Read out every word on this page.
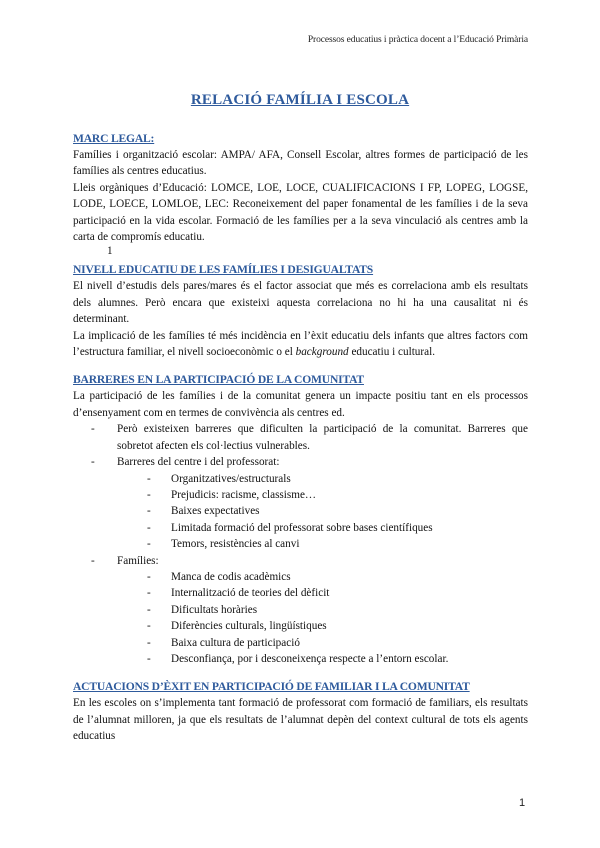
Processos educatius i pràctica docent a l’Educació Primària
RELACIÓ FAMÍLIA I ESCOLA
MARC LEGAL:

Famílies i organització escolar: AMPA/ AFA, Consell Escolar, altres formes de participació de les famílies als centres educatius.

Lleis orgàniques d’Educació: LOMCE, LOE, LOCE, CUALIFICACIONS I FP, LOPEG, LOGSE, LODE, LOECE, LOMLOE, LEC: Reconeixement del paper fonamental de les famílies i de la seva participació en la vida escolar. Formació de les famílies per a la seva vinculació als centres amb la carta de compromís educatiu.

1
NIVELL EDUCATIU DE LES FAMÍLIES I DESIGUALTATS

El nivell d’estudis dels pares/mares és el factor associat que més es correlaciona amb els resultats dels alumnes. Però encara que existeixi aquesta correlaciona no hi ha una causalitat ni és determinant.

La implicació de les famílies té més incidència en l’èxit educatiu dels infants que altres factors com l’estructura familiar, el nivell socioeconòmic o el background educatiu i cultural.

BARRERES EN LA PARTICIPACIÓ DE LA COMUNITAT

La participació de les famílies i de la comunitat genera un impacte positiu tant en els processos d’ensenyament com en termes de convivència als centres ed.

- Però existeixen barreres que dificulten la participació de la comunitat. Barreres que sobretot afecten els col·lectius vulnerables.
- Barreres del centre i del professorat:
- Organitzatives/estructurals
- Prejudicis: racisme, classisme…
- Baixes expectatives
- Limitada formació del professorat sobre bases científiques
- Temors, resistències al canvi
- Famílies:
- Manca de codis acadèmics
- Internalització de teories del dèficit
- Dificultats horàries
- Diferències culturals, lingüístiques
- Baixa cultura de participació
- Desconfiança, por i desconeixença respecte a l’entorn escolar.
ACTUACIONS D’ÈXIT EN PARTICIPACIÓ DE FAMILIAR I LA COMUNITAT

En les escoles on s’implementa tant formació de professorat com formació de familiars, els resultats de l’alumnat milloren, ja que els resultats de l’alumnat depèn del context cultural de tots els agents educatius

1
